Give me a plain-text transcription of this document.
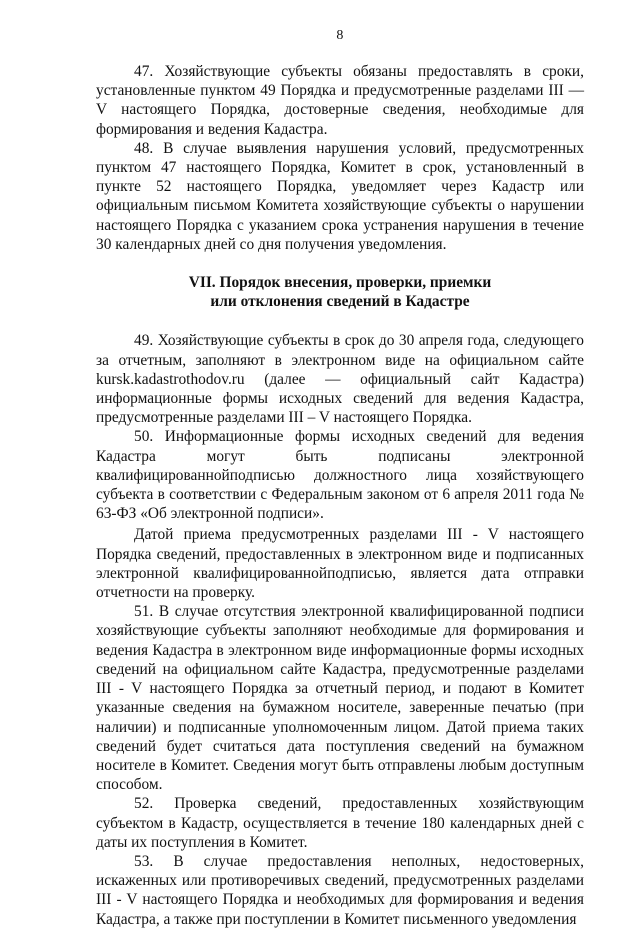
8

47. Хозяйствующие субъекты обязаны предоставлять в сроки, установленные пунктом 49 Порядка и предусмотренные разделами III — V настоящего Порядка, достоверные сведения, необходимые для формирования и ведения Кадастра.

48. В случае выявления нарушения условий, предусмотренных пунктом 47 настоящего Порядка, Комитет в срок, установленный в пункте 52 настоящего Порядка, уведомляет через Кадастр или официальным письмом Комитета хозяйствующие субъекты о нарушении настоящего Порядка с указанием срока устранения нарушения в течение 30 календарных дней со дня получения уведомления.

VII. Порядок внесения, проверки, приемки
или отклонения сведений в Кадастре

49. Хозяйствующие субъекты в срок до 30 апреля года, следующего за отчетным, заполняют в электронном виде на официальном сайте kursk.kadastrothodov.ru (далее — официальный сайт Кадастра) информационные формы исходных сведений для ведения Кадастра, предусмотренные разделами III – V настоящего Порядка.

50. Информационные формы исходных сведений для ведения Кадастра могут быть подписаны электронной квалифицированнойподписью должностного лица хозяйствующего субъекта в соответствии с Федеральным законом от 6 апреля 2011 года № 63-ФЗ «Об электронной подписи».

Датой приема предусмотренных разделами III - V настоящего Порядка сведений, предоставленных в электронном виде и подписанных электронной квалифицированнойподписью, является дата отправки отчетности на проверку.

51. В случае отсутствия электронной квалифицированной подписи хозяйствующие субъекты заполняют необходимые для формирования и ведения Кадастра в электронном виде информационные формы исходных сведений на официальном сайте Кадастра, предусмотренные разделами III - V настоящего Порядка за отчетный период, и подают в Комитет указанные сведения на бумажном носителе, заверенные печатью (при наличии) и подписанные уполномоченным лицом. Датой приема таких сведений будет считаться дата поступления сведений на бумажном носителе в Комитет. Сведения могут быть отправлены любым доступным способом.

52. Проверка сведений, предоставленных хозяйствующим субъектом в Кадастр, осуществляется в течение 180 календарных дней с даты их поступления в Комитет.

53. В случае предоставления неполных, недостоверных, искаженных или противоречивых сведений, предусмотренных разделами III - V настоящего Порядка и необходимых для формирования и ведения Кадастра, а также при поступлении в Комитет письменного уведомления
